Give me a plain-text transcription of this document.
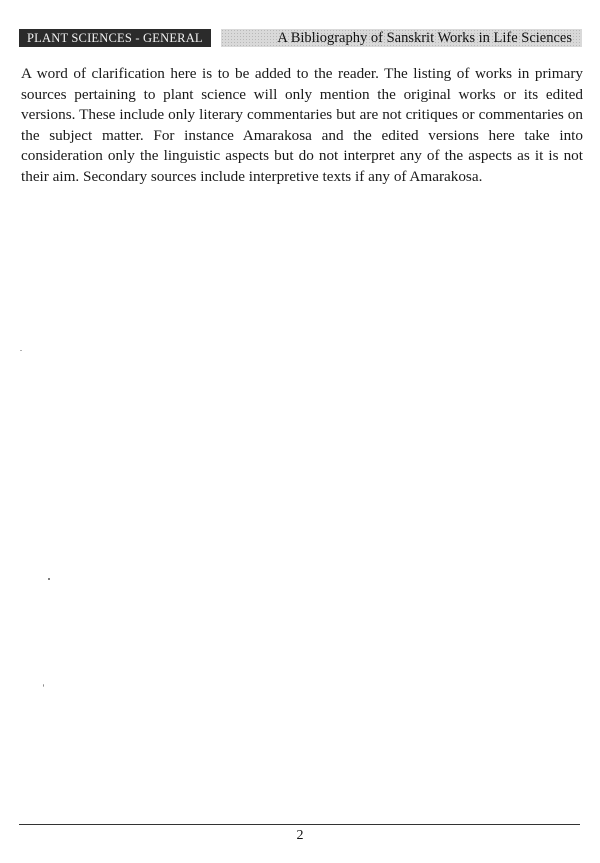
PLANT SCIENCES - GENERAL	A Bibliography of Sanskrit Works in Life Sciences

A word of clarification here is to be added to the reader. The listing of works in primary sources pertaining to plant science will only mention the original works or its edited versions. These include only literary commentaries but are not critiques or commentaries on the subject matter. For instance Amarakosa and the edited versions here take into consideration only the linguistic aspects but do not interpret any of the aspects as it is not their aim. Secondary sources include interpretive texts if any of Amarakosa.

2
